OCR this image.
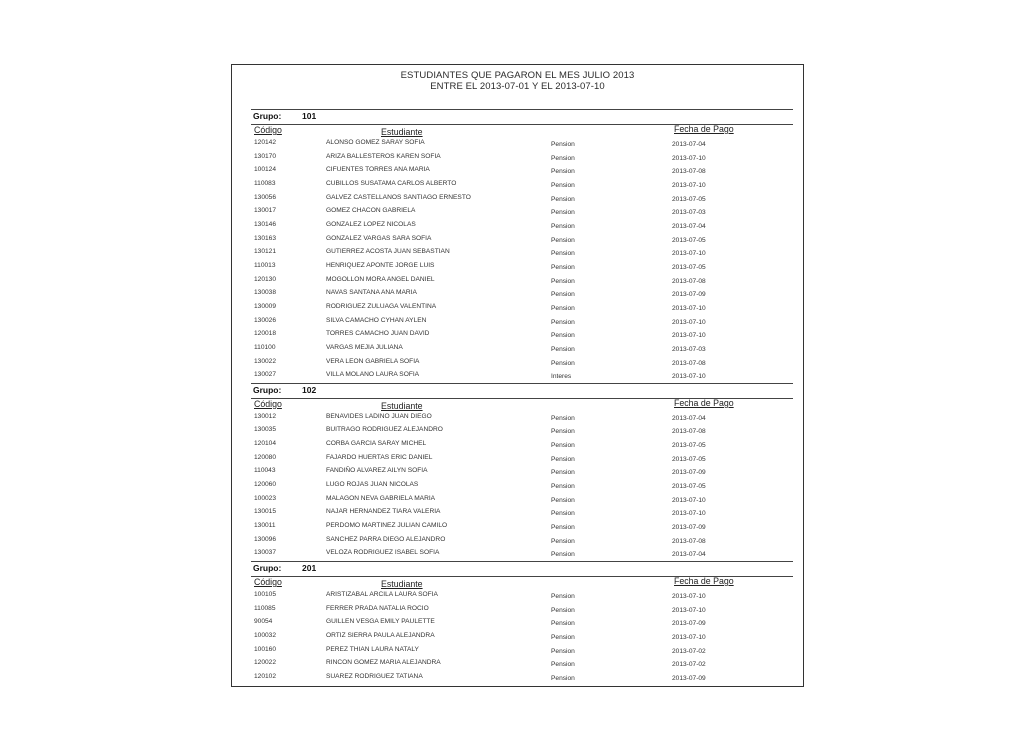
ESTUDIANTES QUE PAGARON EL MES JULIO 2013
ENTRE EL 2013-07-01 Y EL 2013-07-10
Grupo: 101
Código	Estudiante	Fecha de Pago
120142	ALONSO GOMEZ SARAY SOFIA	Pension	2013-07-04
130170	ARIZA BALLESTEROS KAREN SOFIA	Pension	2013-07-10
100124	CIFUENTES TORRES ANA MARIA	Pension	2013-07-08
110083	CUBILLOS SUSATAMA CARLOS ALBERTO	Pension	2013-07-10
130056	GALVEZ CASTELLANOS SANTIAGO ERNESTO	Pension	2013-07-05
130017	GOMEZ CHACON GABRIELA	Pension	2013-07-03
130146	GONZALEZ LOPEZ NICOLAS	Pension	2013-07-04
130163	GONZALEZ VARGAS SARA SOFIA	Pension	2013-07-05
130121	GUTIERREZ ACOSTA JUAN SEBASTIAN	Pension	2013-07-10
110013	HENRIQUEZ APONTE JORGE LUIS	Pension	2013-07-05
120130	MOGOLLON MORA ANGEL DANIEL	Pension	2013-07-08
130038	NAVAS SANTANA ANA MARIA	Pension	2013-07-09
130009	RODRIGUEZ ZULUAGA VALENTINA	Pension	2013-07-10
130026	SILVA CAMACHO CYHAN AYLEN	Pension	2013-07-10
120018	TORRES CAMACHO JUAN DAVID	Pension	2013-07-10
110100	VARGAS MEJIA JULIANA	Pension	2013-07-03
130022	VERA LEON GABRIELA SOFIA	Pension	2013-07-08
130027	VILLA MOLANO LAURA SOFIA	Interes	2013-07-10
Grupo: 102
Código	Estudiante	Fecha de Pago
130012	BENAVIDES LADINO JUAN DIEGO	Pension	2013-07-04
130035	BUITRAGO RODRIGUEZ ALEJANDRO	Pension	2013-07-08
120104	CORBA GARCIA SARAY MICHEL	Pension	2013-07-05
120080	FAJARDO HUERTAS ERIC DANIEL	Pension	2013-07-05
110043	FANDIÑO ALVAREZ AILYN SOFIA	Pension	2013-07-09
120060	LUGO ROJAS JUAN NICOLAS	Pension	2013-07-05
100023	MALAGON NEVA GABRIELA MARIA	Pension	2013-07-10
130015	NAJAR HERNANDEZ TIARA VALERIA	Pension	2013-07-10
130011	PERDOMO MARTINEZ JULIAN CAMILO	Pension	2013-07-09
130096	SANCHEZ PARRA DIEGO ALEJANDRO	Pension	2013-07-08
130037	VELOZA RODRIGUEZ ISABEL SOFIA	Pension	2013-07-04
Grupo: 201
Código	Estudiante	Fecha de Pago
100105	ARISTIZABAL ARCILA LAURA SOFIA	Pension	2013-07-10
110085	FERRER PRADA NATALIA ROCIO	Pension	2013-07-10
90054	GUILLEN VESGA EMILY PAULETTE	Pension	2013-07-09
100032	ORTIZ SIERRA PAULA ALEJANDRA	Pension	2013-07-10
100160	PEREZ THIAN LAURA NATALY	Pension	2013-07-02
120022	RINCON GOMEZ MARIA ALEJANDRA	Pension	2013-07-02
120102	SUAREZ RODRIGUEZ TATIANA	Pension	2013-07-09
